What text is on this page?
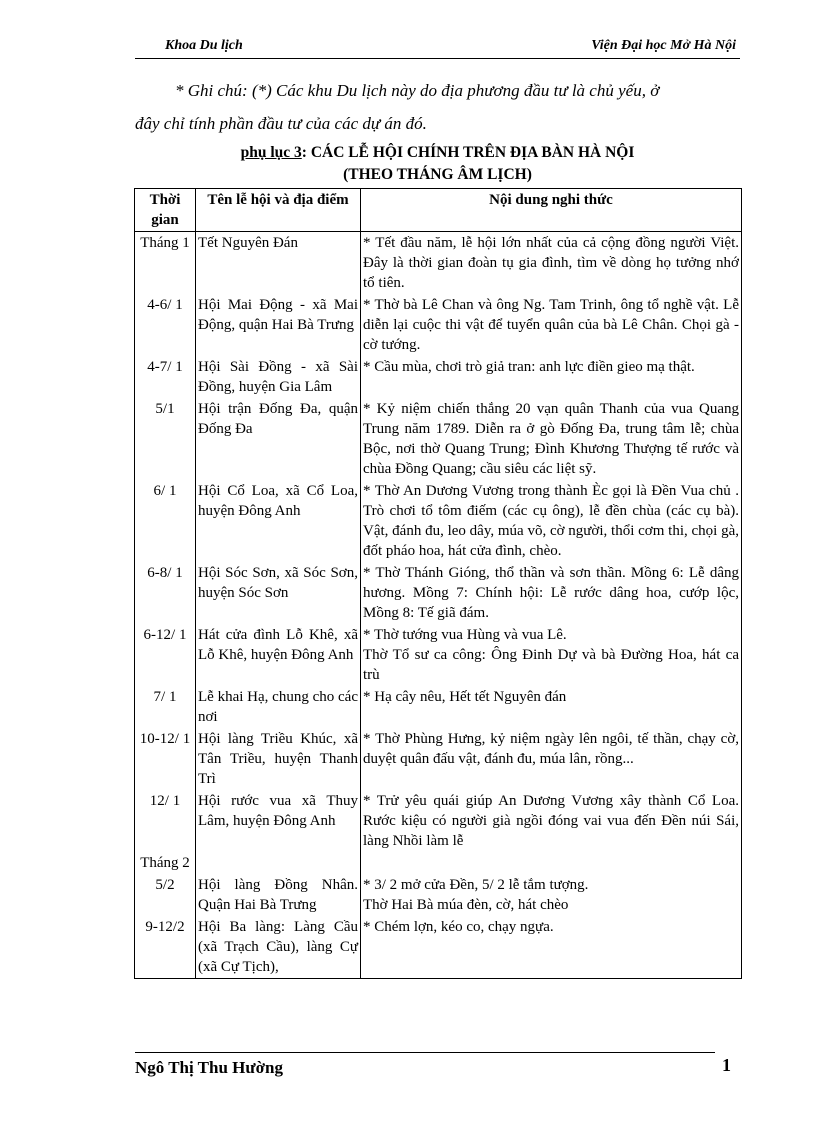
Khoa Du lịch	Viện Đại học Mở Hà Nội
* Ghi chú: (*) Các khu Du lịch này do địa phương đầu tư là chủ yếu, ở
đây chỉ tính phần đầu tư của các dự án đó.
phụ lục 3: CÁC LỄ HỘI CHÍNH TRÊN ĐỊA BÀN HÀ NỘI
(THEO THÁNG ÂM LỊCH)
Thời gian	Tên lễ hội và địa điểm	Nội dung nghi thức
Tháng 1	Tết Nguyên Đán	* Tết đầu năm, lễ hội lớn nhất của cả cộng đồng người Việt. Đây là thời gian đoàn tụ gia đình, tìm về dòng họ tưởng nhớ tổ tiên.
4-6/ 1	Hội Mai Động - xã Mai Động, quận Hai Bà Trưng	* Thờ bà Lê Chan và ông Ng. Tam Trinh, ông tổ nghề vật. Lễ diễn lại cuộc thi vật để tuyển quân của bà Lê Chân. Chọi gà - cờ tướng.
4-7/ 1	Hội Sài Đồng - xã Sài Đồng, huyện Gia Lâm	* Cầu mùa, chơi trò giả tran: anh lực điền gieo mạ thật.
5/1	Hội trận Đống Đa, quận Đống Đa	* Kỷ niệm chiến thắng 20 vạn quân Thanh của vua Quang Trung năm 1789. Diễn ra ở gò Đống Đa, trung tâm lễ; chùa Bộc, nơi thờ Quang Trung; Đình Khương Thượng tế rước và chùa Đồng Quang; cầu siêu các liệt sỹ.
6/ 1	Hội Cổ Loa, xã Cổ Loa, huyện Đông Anh	* Thờ An Dương Vương trong thành Èc gọi là Đền Vua chủ . Trò chơi tổ tôm điếm (các cụ ông), lễ đền chùa (các cụ bà). Vật, đánh đu, leo dây, múa võ, cờ người, thổi cơm thi, chọi gà, đốt pháo hoa, hát cửa đình, chèo.
6-8/ 1	Hội Sóc Sơn, xã Sóc Sơn, huyện Sóc Sơn	* Thờ Thánh Gióng, thổ thần và sơn thần. Mồng 6: Lễ dâng hương. Mồng 7: Chính hội: Lễ rước dâng hoa, cướp lộc, Mồng 8: Tế giã đám.
6-12/ 1	Hát cửa đình Lỗ Khê, xã Lỗ Khê, huyện Đông Anh	* Thờ tướng vua Hùng và vua Lê.
Thờ Tổ sư ca công: Ông Đinh Dự và bà Đường Hoa, hát ca trù
7/ 1	Lễ khai Hạ, chung cho các nơi	* Hạ cây nêu, Hết tết Nguyên đán
10-12/ 1	Hội làng Triều Khúc, xã Tân Triều, huyện Thanh Trì	* Thờ Phùng Hưng, kỷ niệm ngày lên ngôi, tế thần, chạy cờ, duyệt quân đấu vật, đánh đu, múa lân, rồng...
12/ 1	Hội rước vua xã Thuy Lâm, huyện Đông Anh	* Trử yêu quái giúp An Dương Vương xây thành Cổ Loa. Rước kiệu có người già ngồi đóng vai vua đến Đền núi Sái, làng Nhồi làm lễ
Tháng 2		
5/2	Hội làng Đồng Nhân. Quận Hai Bà Trưng	* 3/ 2 mở cửa Đền, 5/ 2 lễ tắm tượng.
Thờ Hai Bà múa đèn, cờ, hát chèo
9-12/2	Hội Ba làng: Làng Cầu (xã Trạch Cầu), làng Cự (xã Cự Tịch),	* Chém lợn, kéo co, chạy ngựa.
Ngô Thị Thu Hường	1
